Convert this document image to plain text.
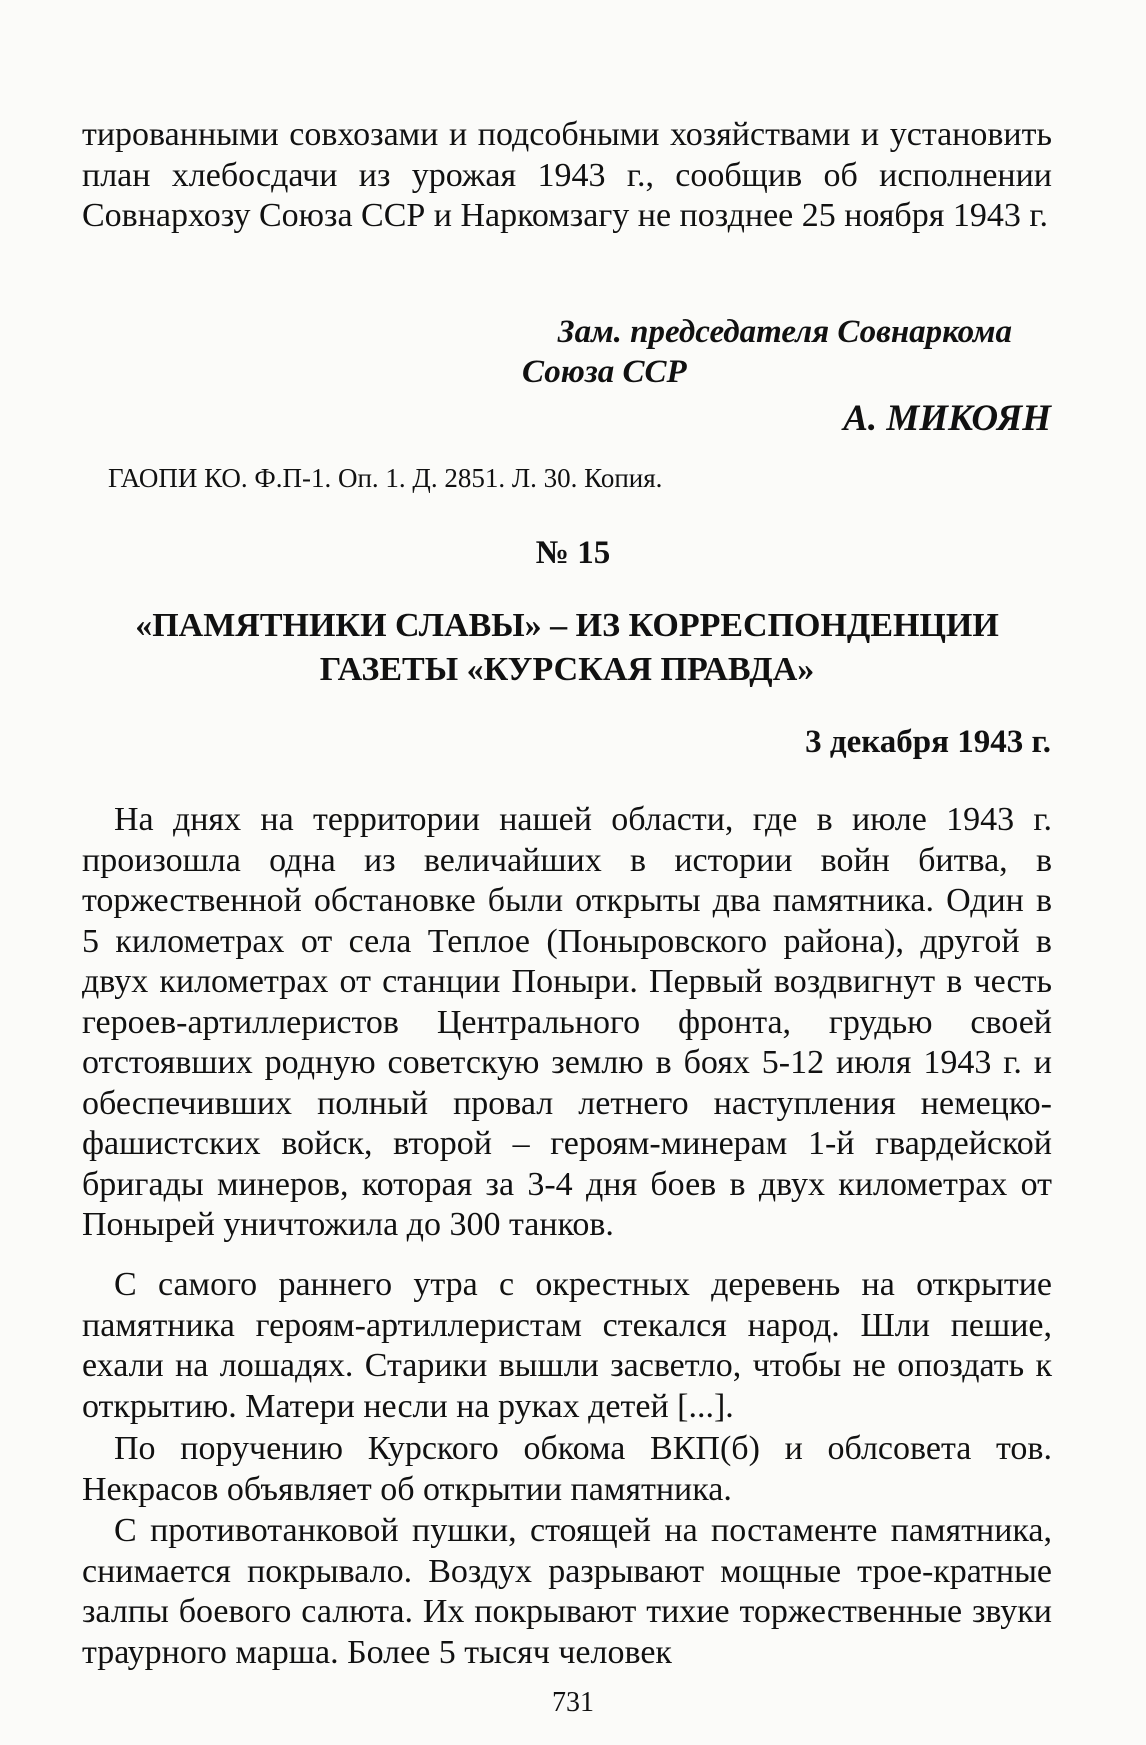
тированными совхозами и подсобными хозяйствами и установить план хлебосдачи из урожая 1943 г., сообщив об исполнении Совнархозу Союза ССР и Наркомзагу не позднее 25 ноября 1943 г.

Зам. председателя Совнаркома

Союза ССР

А. МИКОЯН

ГАОПИ КО. Ф.П-1. Оп. 1. Д. 2851. Л. 30. Копия.

№ 15

«ПАМЯТНИКИ СЛАВЫ» – ИЗ КОРРЕСПОНДЕНЦИИ ГАЗЕТЫ «КУРСКАЯ ПРАВДА»

3 декабря 1943 г.

На днях на территории нашей области, где в июле 1943 г. произошла одна из величайших в истории войн битва, в торжественной обстановке были открыты два памятника. Один в 5 километрах от села Теплое (Поныровского района), другой в двух километрах от станции Поныри. Первый воздвигнут в честь героев-артиллеристов Центрального фронта, грудью своей отстоявших родную советскую землю в боях 5-12 июля 1943 г. и обеспечивших полный провал летнего наступления немецко-фашистских войск, второй – героям-минерам 1-й гвардейской бригады минеров, которая за 3-4 дня боев в двух километрах от Понырей уничтожила до 300 танков.

С самого раннего утра с окрестных деревень на открытие памятника героям-артиллеристам стекался народ. Шли пешие, ехали на лошадях. Старики вышли засветло, чтобы не опоздать к открытию. Матери несли на руках детей [...].

По поручению Курского обкома ВКП(б) и облсовета тов. Некрасов объявляет об открытии памятника.

С противотанковой пушки, стоящей на постаменте памятника, снимается покрывало. Воздух разрывают мощные трое-кратные залпы боевого салюта. Их покрывают тихие торжественные звуки траурного марша. Более 5 тысяч человек

731
